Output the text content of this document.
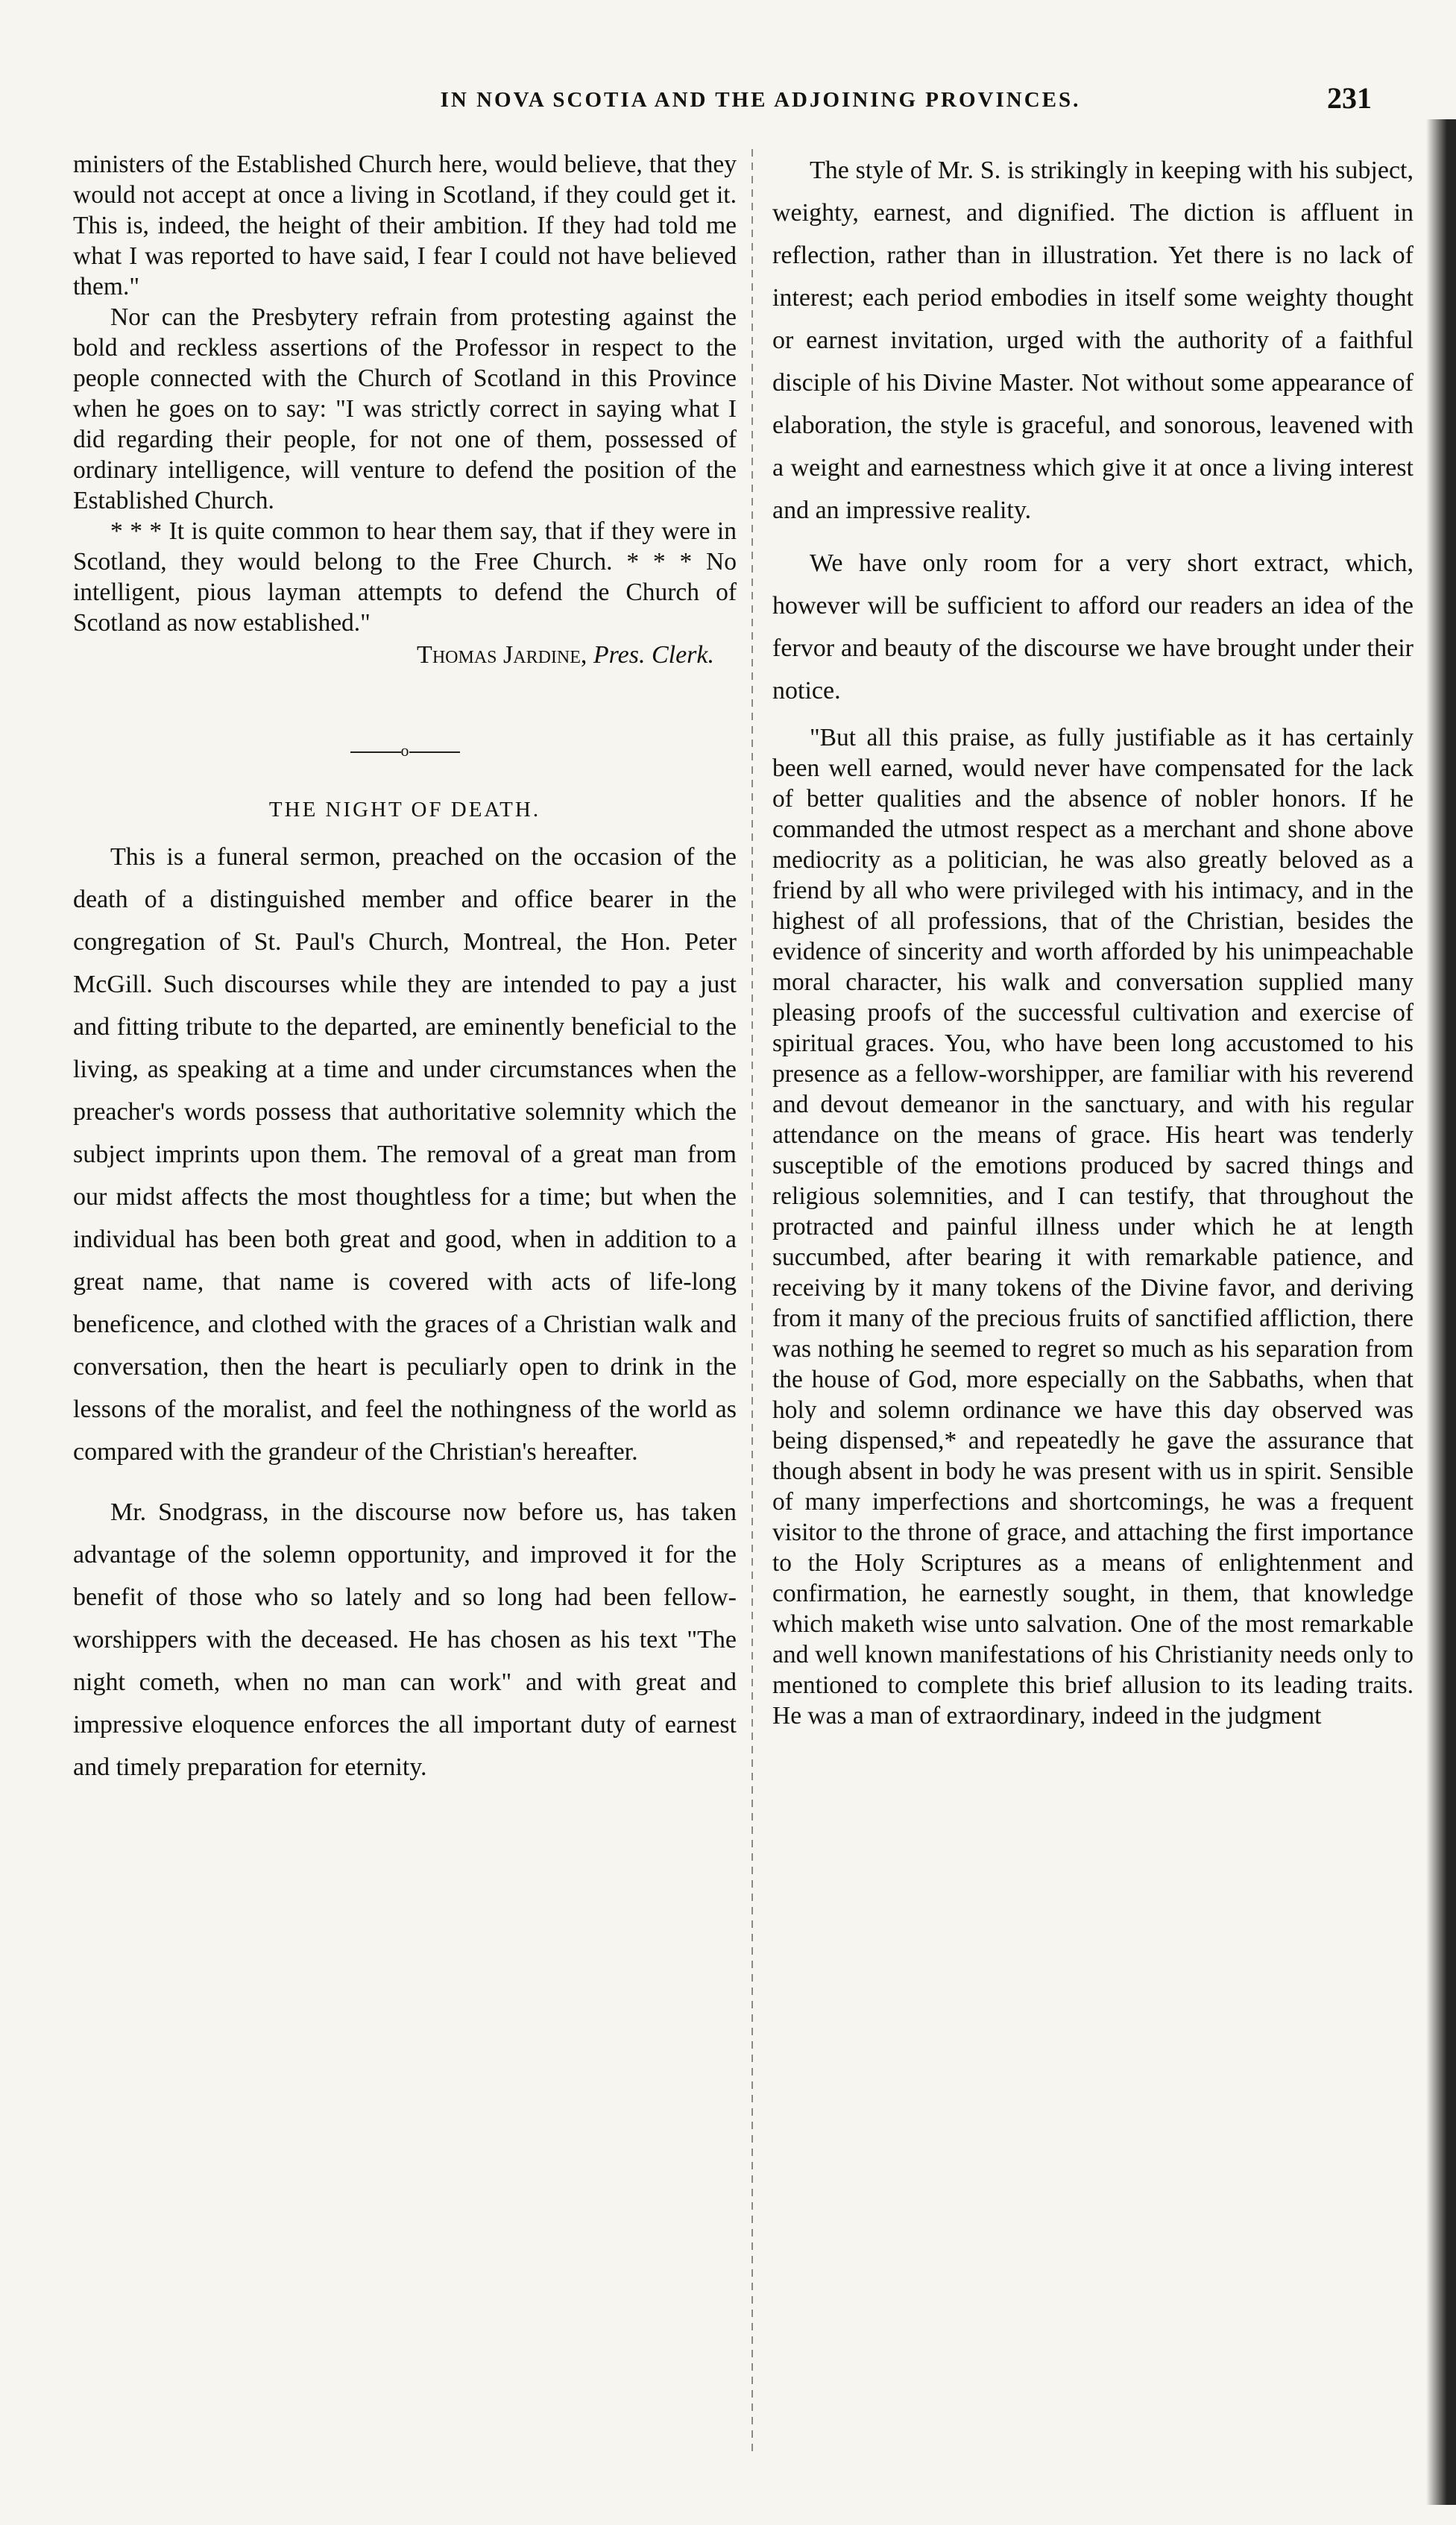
IN NOVA SCOTIA AND THE ADJOINING PROVINCES.	231

ministers of the Established Church here, would believe, that they would not accept at once a living in Scotland, if they could get it. This is, indeed, the height of their ambition. If they had told me what I was reported to have said, I fear I could not have believed them."

Nor can the Presbytery refrain from protesting against the bold and reckless assertions of the Professor in respect to the people connected with the Church of Scotland in this Province when he goes on to say: "I was strictly correct in saying what I did regarding their people, for not one of them, possessed of ordinary intelligence, will venture to defend the position of the Established Church.

* * * It is quite common to hear them say, that if they were in Scotland, they would belong to the Free Church. * * * No intelligent, pious layman attempts to defend the Church of Scotland as now established."

Thomas Jardine, Pres. Clerk.
o
THE NIGHT OF DEATH.

This is a funeral sermon, preached on the occasion of the death of a distinguished member and office bearer in the congregation of St. Paul's Church, Montreal, the Hon. Peter McGill. Such discourses while they are intended to pay a just and fitting tribute to the departed, are eminently beneficial to the living, as speaking at a time and under circumstances when the preacher's words possess that authoritative solemnity which the subject imprints upon them. The removal of a great man from our midst affects the most thoughtless for a time; but when the individual has been both great and good, when in addition to a great name, that name is covered with acts of life-long beneficence, and clothed with the graces of a Christian walk and conversation, then the heart is peculiarly open to drink in the lessons of the moralist, and feel the nothingness of the world as compared with the grandeur of the Christian's hereafter.

Mr. Snodgrass, in the discourse now before us, has taken advantage of the solemn opportunity, and improved it for the benefit of those who so lately and so long had been fellow-worshippers with the deceased. He has chosen as his text "The night cometh, when no man can work" and with great and impressive eloquence enforces the all important duty of earnest and timely preparation for eternity.

The style of Mr. S. is strikingly in keeping with his subject, weighty, earnest, and dignified. The diction is affluent in reflection, rather than in illustration. Yet there is no lack of interest; each period embodies in itself some weighty thought or earnest invitation, urged with the authority of a faithful disciple of his Divine Master. Not without some appearance of elaboration, the style is graceful, and sonorous, leavened with a weight and earnestness which give it at once a living interest and an impressive reality.

We have only room for a very short extract, which, however will be sufficient to afford our readers an idea of the fervor and beauty of the discourse we have brought under their notice.

"But all this praise, as fully justifiable as it has certainly been well earned, would never have compensated for the lack of better qualities and the absence of nobler honors. If he commanded the utmost respect as a merchant and shone above mediocrity as a politician, he was also greatly beloved as a friend by all who were privileged with his intimacy, and in the highest of all professions, that of the Christian, besides the evidence of sincerity and worth afforded by his unimpeachable moral character, his walk and conversation supplied many pleasing proofs of the successful cultivation and exercise of spiritual graces. You, who have been long accustomed to his presence as a fellow-worshipper, are familiar with his reverend and devout demeanor in the sanctuary, and with his regular attendance on the means of grace. His heart was tenderly susceptible of the emotions produced by sacred things and religious solemnities, and I can testify, that throughout the protracted and painful illness under which he at length succumbed, after bearing it with remarkable patience, and receiving by it many tokens of the Divine favor, and deriving from it many of the precious fruits of sanctified affliction, there was nothing he seemed to regret so much as his separation from the house of God, more especially on the Sabbaths, when that holy and solemn ordinance we have this day observed was being dispensed,* and repeatedly he gave the assurance that though absent in body he was present with us in spirit. Sensible of many imperfections and shortcomings, he was a frequent visitor to the throne of grace, and attaching the first importance to the Holy Scriptures as a means of enlightenment and confirmation, he earnestly sought, in them, that knowledge which maketh wise unto salvation. One of the most remarkable and well known manifestations of his Christianity needs only to mentioned to complete this brief allusion to its leading traits. He was a man of extraordinary, indeed in the judgment
